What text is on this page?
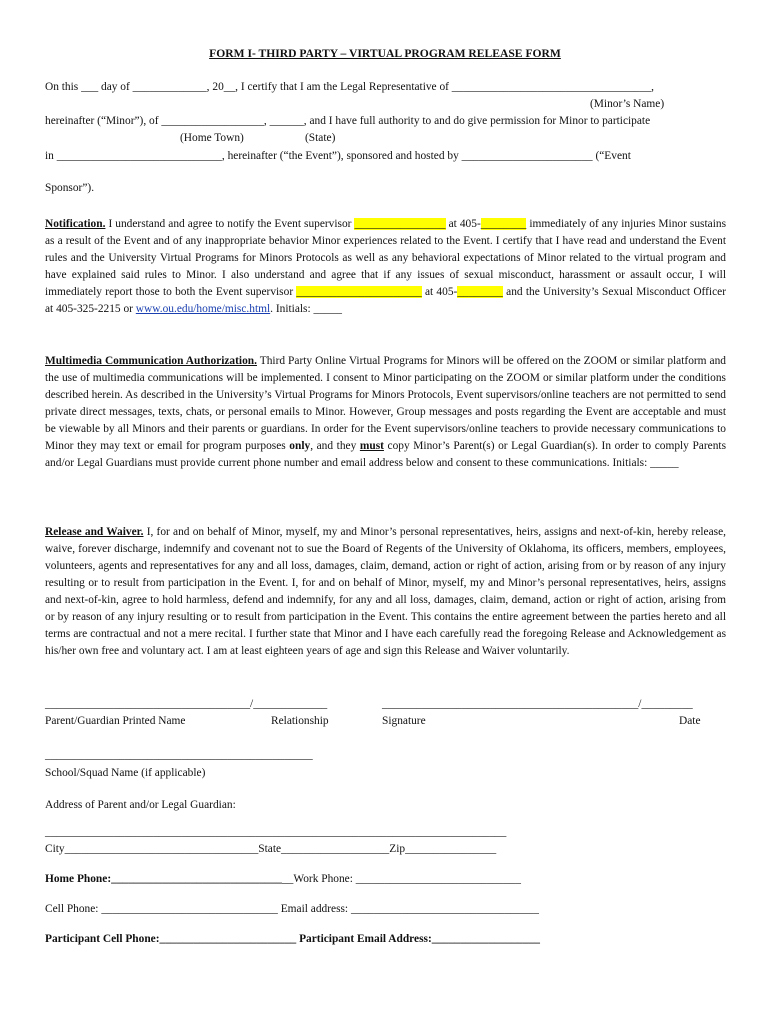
FORM I- THIRD PARTY – VIRTUAL PROGRAM RELEASE FORM
On this ___ day of _____________, 20__, I certify that I am the Legal Representative of ___________________________________,
(Minor’s Name)
hereinafter (“Minor”), of __________________, ______, and I have full authority to and do give permission for Minor to participate
(Home Town)	(State)
in _____________________________, hereinafter (“the Event”), sponsored and hosted by _______________________ (“Event
Sponsor”).
Notification. I understand and agree to notify the Event supervisor ________________ at 405-________ immediately of any injuries Minor sustains as a result of the Event and of any inappropriate behavior Minor experiences related to the Event. I certify that I have read and understand the Event rules and the University Virtual Programs for Minors Protocols as well as any behavioral expectations of Minor related to the virtual program and have explained said rules to Minor. I also understand and agree that if any issues of sexual misconduct, harassment or assault occur, I will immediately report those to both the Event supervisor ______________________ at 405-________ and the University’s Sexual Misconduct Officer at 405-325-2215 or www.ou.edu/home/misc.html. Initials: _____
Multimedia Communication Authorization. Third Party Online Virtual Programs for Minors will be offered on the ZOOM or similar platform and the use of multimedia communications will be implemented. I consent to Minor participating on the ZOOM or similar platform under the conditions described herein. As described in the University’s Virtual Programs for Minors Protocols, Event supervisors/online teachers are not permitted to send private direct messages, texts, chats, or personal emails to Minor. However, Group messages and posts regarding the Event are acceptable and must be viewable by all Minors and their parents or guardians. In order for the Event supervisors/online teachers to provide necessary communications to Minor they may text or email for program purposes only, and they must copy Minor’s Parent(s) or Legal Guardian(s). In order to comply Parents and/or Legal Guardians must provide current phone number and email address below and consent to these communications. Initials: _____
Release and Waiver. I, for and on behalf of Minor, myself, my and Minor’s personal representatives, heirs, assigns and next-of-kin, hereby release, waive, forever discharge, indemnify and covenant not to sue the Board of Regents of the University of Oklahoma, its officers, members, employees, volunteers, agents and representatives for any and all loss, damages, claim, demand, action or right of action, arising from or by reason of any injury resulting or to result from participation in the Event. I, for and on behalf of Minor, myself, my and Minor’s personal representatives, heirs, assigns and next-of-kin, agree to hold harmless, defend and indemnify, for any and all loss, damages, claim, demand, action or right of action, arising from or by reason of any injury resulting or to result from participation in the Event. This contains the entire agreement between the parties hereto and all terms are contractual and not a mere recital. I further state that Minor and I have each carefully read the foregoing Release and Acknowledgement as his/her own free and voluntary act. I am at least eighteen years of age and sign this Release and Waiver voluntarily.
____________________________________/_____________	_____________________________________________/_________
Parent/Guardian Printed Name	Relationship	Signature	Date
_______________________________________________
School/Squad Name (if applicable)
Address of Parent and/or Legal Guardian:
_________________________________________________________________________________
City__________________________________State___________________Zip________________
Home Phone:________________________________Work Phone: _____________________________
Cell Phone: _______________________________ Email address: _________________________________
Participant Cell Phone:________________________ Participant Email Address:___________________
